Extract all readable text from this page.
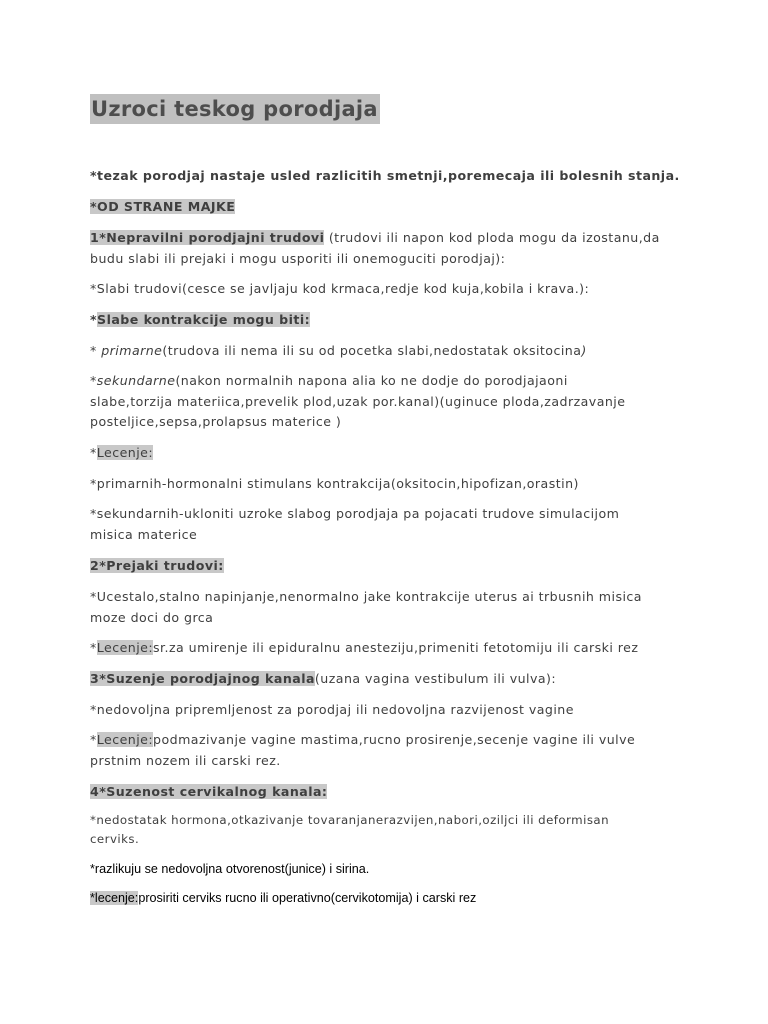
Uzroci teskog porodjaja

*tezak porodjaj nastaje usled razlicitih smetnji,poremecaja ili bolesnih stanja.

*OD STRANE MAJKE

1*Nepravilni porodjajni trudovi (trudovi ili napon kod ploda mogu da izostanu,da
budu slabi ili prejaki i mogu usporiti ili onemoguciti porodjaj):

*Slabi trudovi(cesce se javljaju kod krmaca,redje kod kuja,kobila i krava.):

*Slabe kontrakcije mogu biti:

* primarne(trudova ili nema ili su od pocetka slabi,nedostatak oksitocina)

*sekundarne(nakon normalnih napona alia ko ne dodje do porodjajaoni
slabe,torzija materiica,prevelik plod,uzak por.kanal)(uginuce ploda,zadrzavanje
posteljice,sepsa,prolapsus materice )

*Lecenje:

*primarnih-hormonalni stimulans kontrakcija(oksitocin,hipofizan,orastin)

*sekundarnih-ukloniti uzroke slabog porodjaja pa pojacati trudove simulacijom
misica materice

2*Prejaki trudovi:

*Ucestalo,stalno napinjanje,nenormalno jake kontrakcije uterus ai trbusnih misica
moze doci do grca

*Lecenje:sr.za umirenje ili epiduralnu anesteziju,primeniti fetotomiju ili carski rez

3*Suzenje porodjajnog kanala(uzana vagina vestibulum ili vulva):

*nedovoljna pripremljenost za porodjaj ili nedovoljna razvijenost vagine

*Lecenje:podmazivanje vagine mastima,rucno prosirenje,secenje vagine ili vulve
prstnim nozem ili carski rez.

4*Suzenost cervikalnog kanala:

*nedostatak hormona,otkazivanje tovaranjanerazvijen,nabori,oziljci ili deformisan
cerviks.

*razlikuju se nedovoljna otvorenost(junice) i sirina.

*lecenje:prosiriti cerviks rucno ili operativno(cervikotomija) i carski rez
